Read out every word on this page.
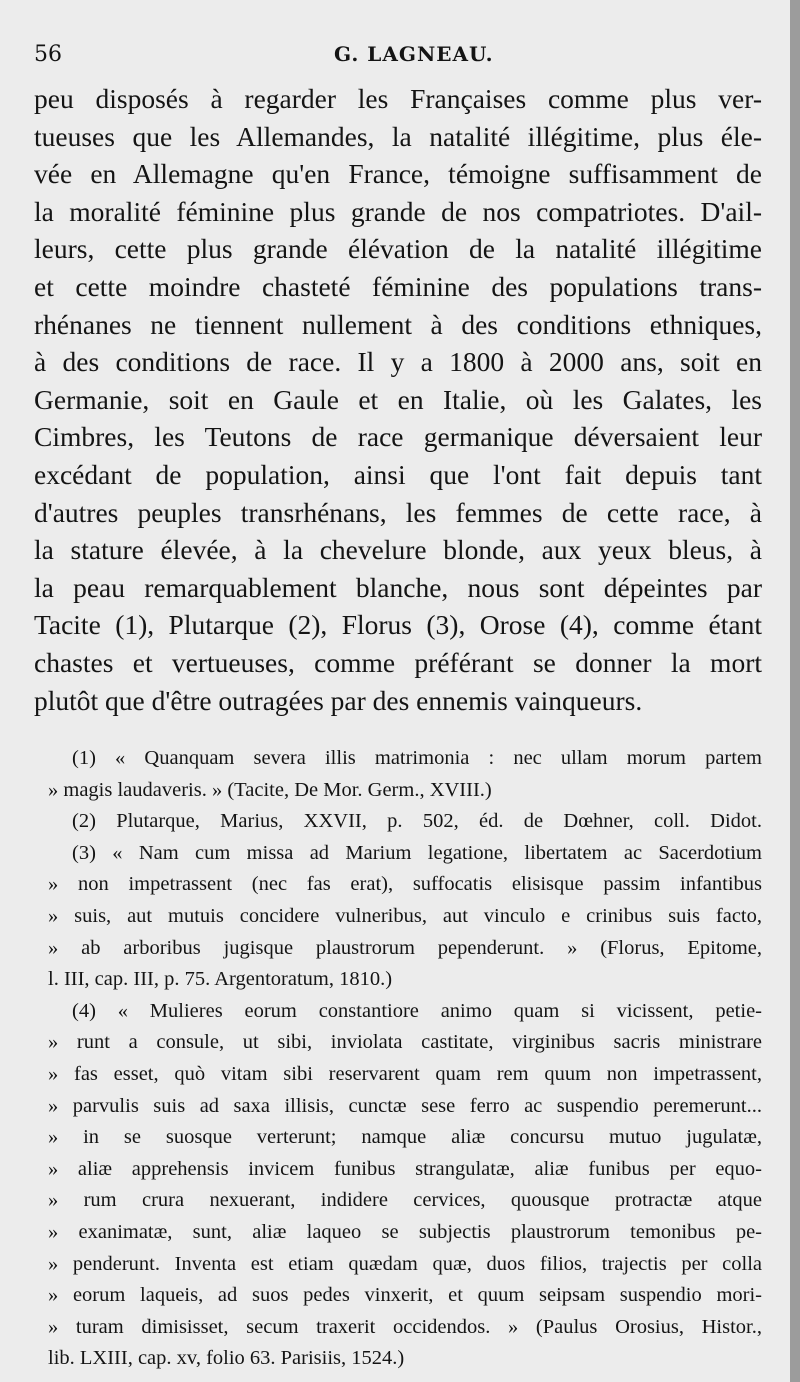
56	G. LAGNEAU.
peu disposés à regarder les Françaises comme plus ver-
tueuses que les Allemandes, la natalité illégitime, plus éle-
vée en Allemagne qu'en France, témoigne suffisamment de
la moralité féminine plus grande de nos compatriotes. D'ail-
leurs, cette plus grande élévation de la natalité illégitime
et cette moindre chasteté féminine des populations trans-
rhénanes ne tiennent nullement à des conditions ethniques,
à des conditions de race. Il y a 1800 à 2000 ans, soit en
Germanie, soit en Gaule et en Italie, où les Galates, les
Cimbres, les Teutons de race germanique déversaient leur
excédant de population, ainsi que l'ont fait depuis tant
d'autres peuples transrhénans, les femmes de cette race, à
la stature élevée, à la chevelure blonde, aux yeux bleus, à
la peau remarquablement blanche, nous sont dépeintes par
Tacite (1), Plutarque (2), Florus (3), Orose (4), comme étant
chastes et vertueuses, comme préférant se donner la mort
plutôt que d'être outragées par des ennemis vainqueurs.
(1) « Quanquam severa illis matrimonia : nec ullam morum partem
» magis laudaveris. » (Tacite, De Mor. Germ., XVIII.)
(2) Plutarque, Marius, XXVII, p. 502, éd. de Dœhner, coll. Didot.
(3) « Nam cum missa ad Marium legatione, libertatem ac Sacerdotium
» non impetrassent (nec fas erat), suffocatis elisisque passim infantibus
» suis, aut mutuis concidere vulneribus, aut vinculo e crinibus suis facto,
» ab arboribus jugisque plaustrorum pependerunt. » (Florus, Epitome,
l. III, cap. III, p. 75. Argentoratum, 1810.)
(4) « Mulieres eorum constantiore animo quam si vicissent, petie-
» runt a consule, ut sibi, inviolata castitate, virginibus sacris ministrare
» fas esset, quò vitam sibi reservarent quam rem quum non impetrassent,
» parvulis suis ad saxa illisis, cunctæ sese ferro ac suspendio peremerunt...
» in se suosque verterunt; namque aliæ concursu mutuo jugulatæ,
» aliæ apprehensis invicem funibus strangulatæ, aliæ funibus per equo-
» rum crura nexuerant, indidere cervices, quousque protractæ atque
» exanimatæ, sunt, aliæ laqueo se subjectis plaustrorum temonibus pe-
» penderunt. Inventa est etiam quædam quæ, duos filios, trajectis per colla
» eorum laqueis, ad suos pedes vinxerit, et quum seipsam suspendio mori-
» turam dimisisset, secum traxerit occidendos. » (Paulus Orosius, Histor.,
lib. LXIII, cap. xv, folio 63. Parisiis, 1524.)
